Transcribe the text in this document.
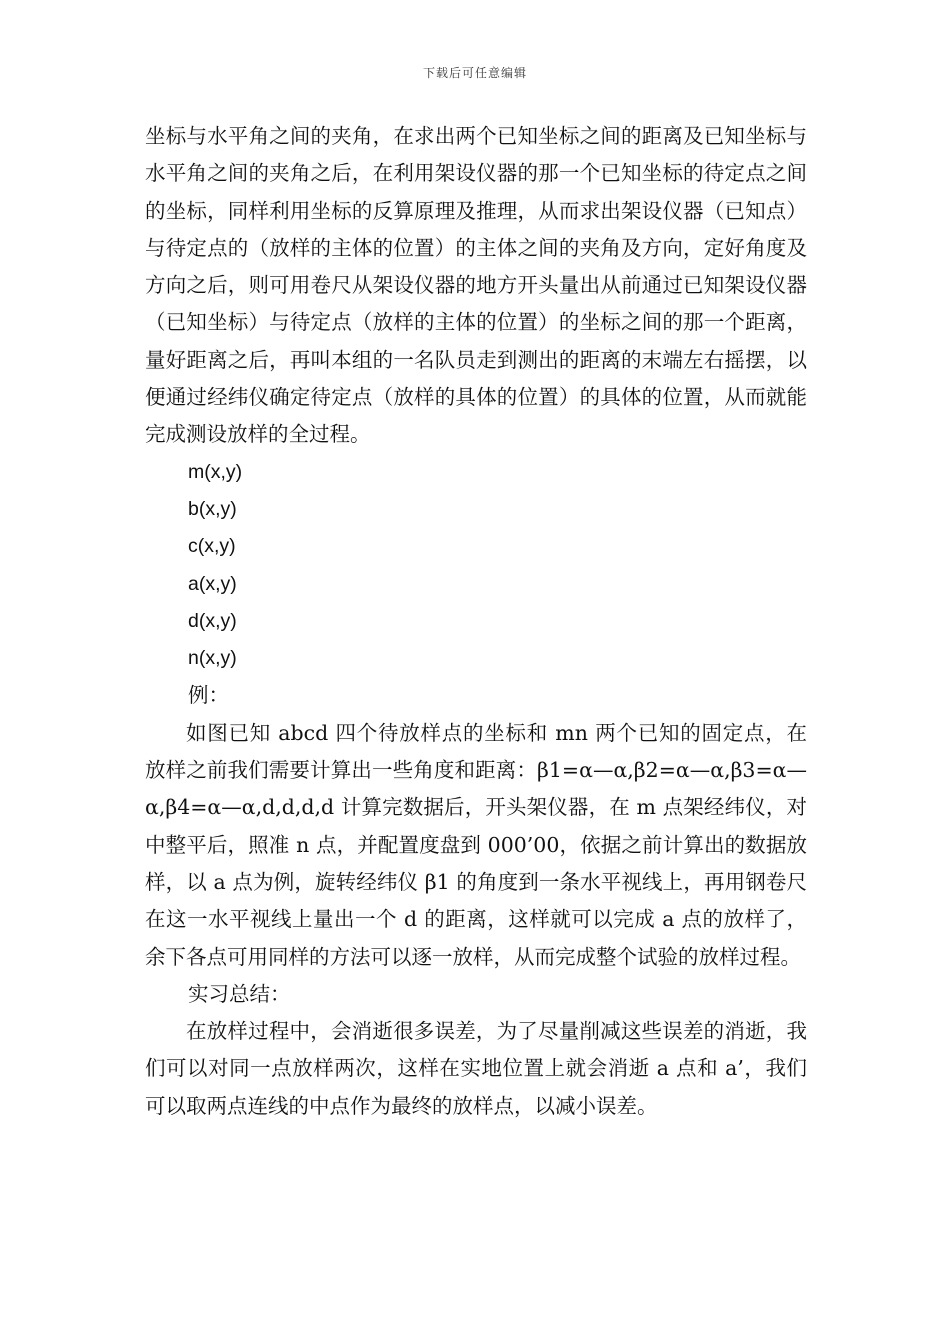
下载后可任意编辑

坐标与水平角之间的夹角，在求出两个已知坐标之间的距离及已知坐标与水平角之间的夹角之后，在利用架设仪器的那一个已知坐标的待定点之间的坐标，同样利用坐标的反算原理及推理，从而求出架设仪器（已知点）与待定点的（放样的主体的位置）的主体之间的夹角及方向，定好角度及方向之后，则可用卷尺从架设仪器的地方开头量出从前通过已知架设仪器（已知坐标）与待定点（放样的主体的位置）的坐标之间的那一个距离，量好距离之后，再叫本组的一名队员走到测出的距离的末端左右摇摆，以便通过经纬仪确定待定点（放样的具体的位置）的具体的位置，从而就能完成测设放样的全过程。

m(x,y)
b(x,y)
c(x,y)
a(x,y)
d(x,y)
n(x,y)

例：

如图已知 abcd 四个待放样点的坐标和 mn 两个已知的固定点，在放样之前我们需要计算出一些角度和距离：β1=α—α,β2=α—α,β3=α—α,β4=α—α,d,d,d,d 计算完数据后，开头架仪器，在 m 点架经纬仪，对中整平后，照准 n 点，并配置度盘到 000’00，依据之前计算出的数据放样，以 a 点为例，旋转经纬仪 β1 的角度到一条水平视线上，再用钢卷尺在这一水平视线上量出一个 d 的距离，这样就可以完成 a 点的放样了，余下各点可用同样的方法可以逐一放样，从而完成整个试验的放样过程。

实习总结：

在放样过程中，会消逝很多误差，为了尽量削减这些误差的消逝，我们可以对同一点放样两次，这样在实地位置上就会消逝 a 点和 a’，我们可以取两点连线的中点作为最终的放样点，以减小误差。
